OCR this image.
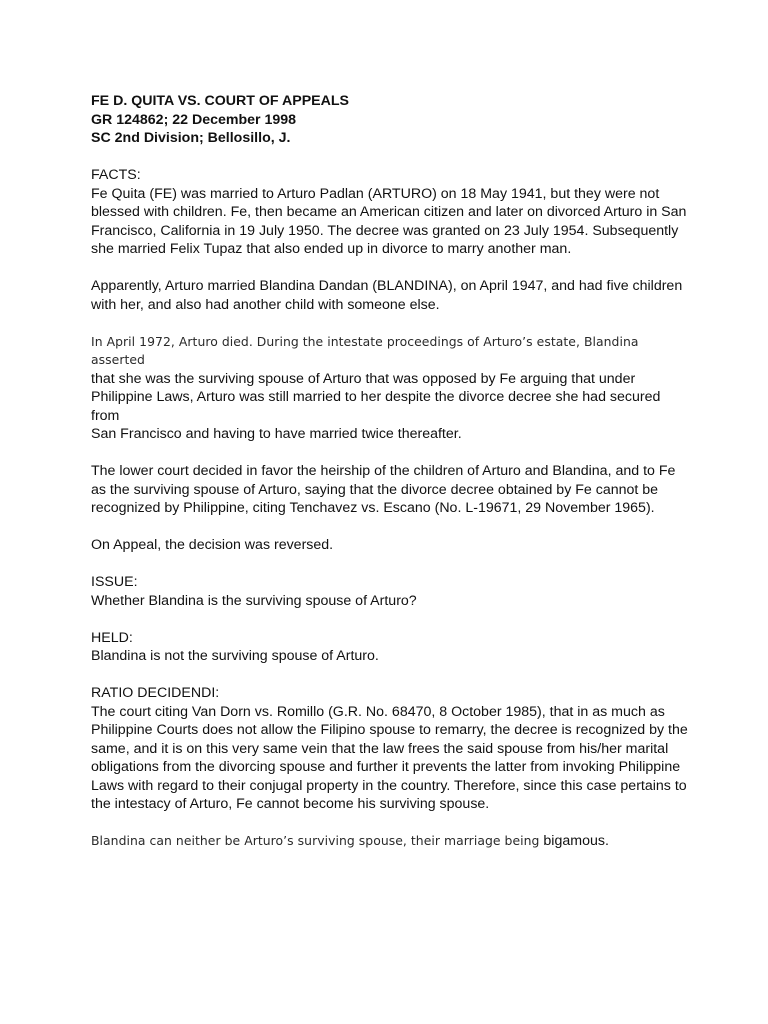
FE D. QUITA VS. COURT OF APPEALS
GR 124862; 22 December 1998
SC 2nd Division; Bellosillo, J.
FACTS:

Fe Quita (FE) was married to Arturo Padlan (ARTURO) on 18 May 1941, but they were not
blessed with children. Fe, then became an American citizen and later on divorced Arturo in San
Francisco, California in 19 July 1950. The decree was granted on 23 July 1954. Subsequently
she married Felix Tupaz that also ended up in divorce to marry another man.

Apparently, Arturo married Blandina Dandan (BLANDINA), on April 1947, and had five children
with her, and also had another child with someone else.

In April 1972, Arturo died. During the intestate proceedings of Arturo’s estate, Blandina asserted

that she was the surviving spouse of Arturo that was opposed by Fe arguing that under
Philippine Laws, Arturo was still married to her despite the divorce decree she had secured from
San Francisco and having to have married twice thereafter.

The lower court decided in favor the heirship of the children of Arturo and Blandina, and to Fe
as the surviving spouse of Arturo, saying that the divorce decree obtained by Fe cannot be
recognized by Philippine, citing Tenchavez vs. Escano (No. L-19671, 29 November 1965).

On Appeal, the decision was reversed.

ISSUE:

Whether Blandina is the surviving spouse of Arturo?

HELD:

Blandina is not the surviving spouse of Arturo.

RATIO DECIDENDI:

The court citing Van Dorn vs. Romillo (G.R. No. 68470, 8 October 1985), that in as much as
Philippine Courts does not allow the Filipino spouse to remarry, the decree is recognized by the
same, and it is on this very same vein that the law frees the said spouse from his/her marital
obligations from the divorcing spouse and further it prevents the latter from invoking Philippine
Laws with regard to their conjugal property in the country. Therefore, since this case pertains to
the intestacy of Arturo, Fe cannot become his surviving spouse.

Blandina can neither be Arturo’s surviving spouse, their marriage being bigamous.
